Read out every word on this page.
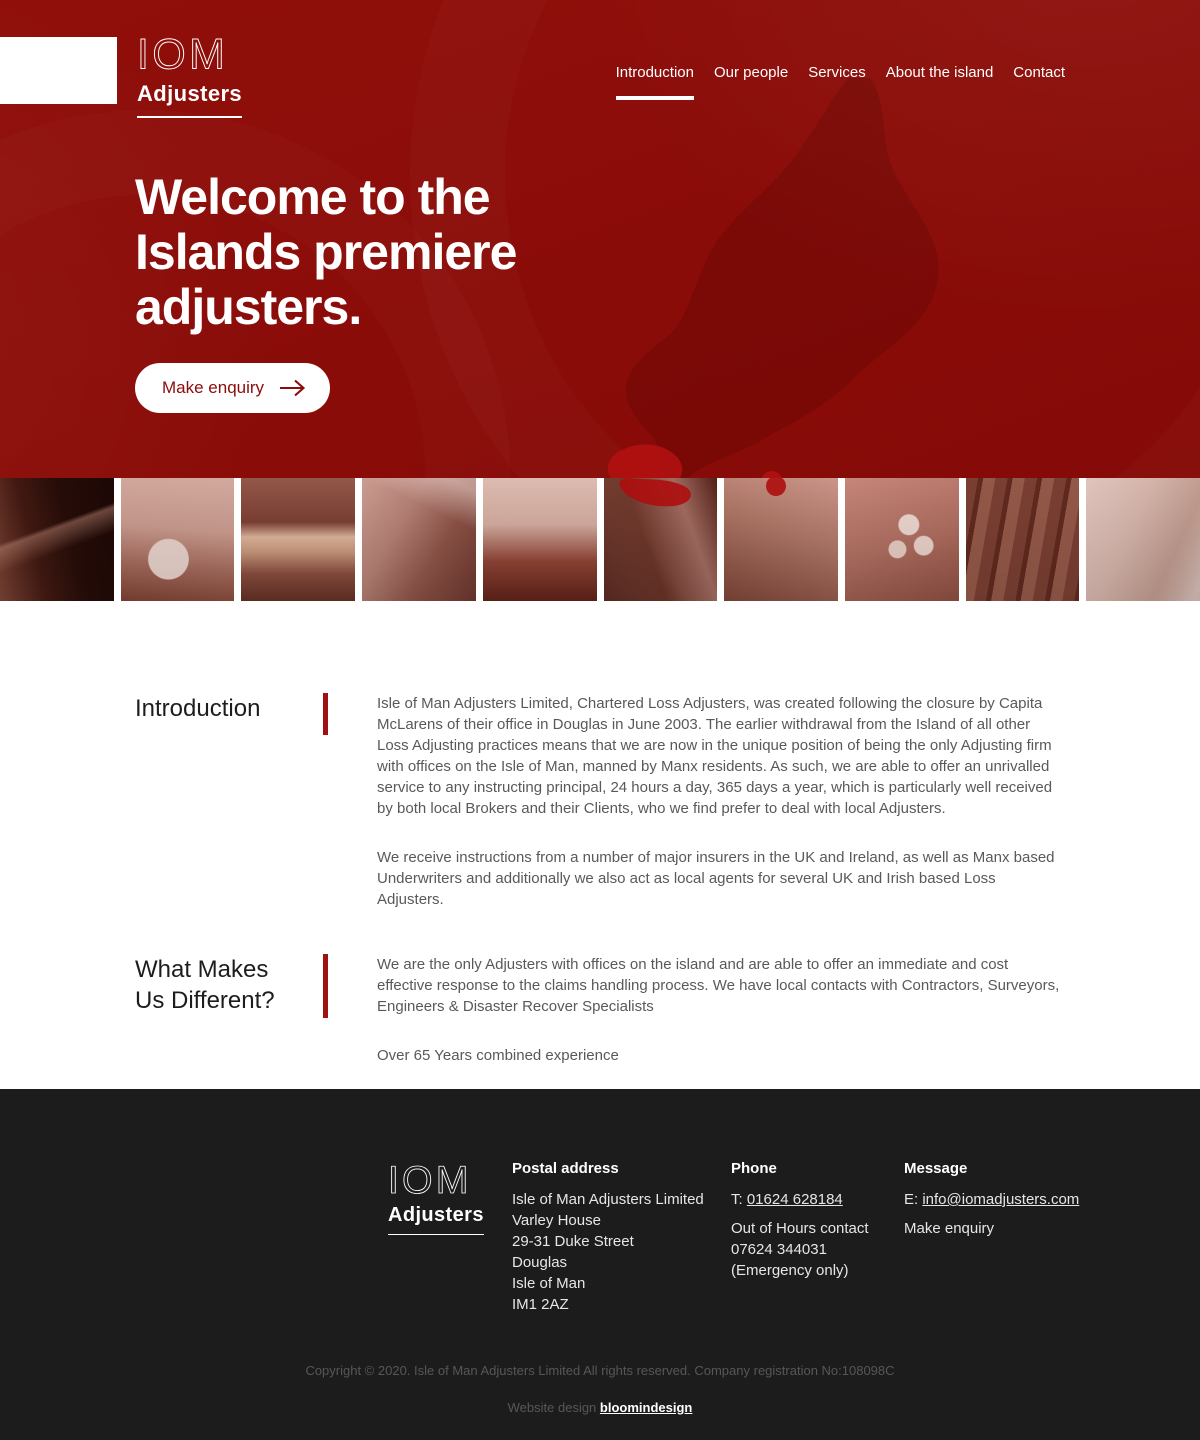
IOM
Adjusters
Introduction Our people Services About the island Contact
Welcome to the
Islands premiere
adjusters.
Make enquiry
Introduction	Isle of Man Adjusters Limited, Chartered Loss Adjusters, was created following the closure by Capita McLarens of their office in Douglas in June 2003. The earlier withdrawal from the Island of all other Loss Adjusting practices means that we are now in the unique position of being the only Adjusting firm with offices on the Isle of Man, manned by Manx residents. As such, we are able to offer an unrivalled service to any instructing principal, 24 hours a day, 365 days a year, which is particularly well received by both local Brokers and their Clients, who we find prefer to deal with local Adjusters.

We receive instructions from a number of major insurers in the UK and Ireland, as well as Manx based Underwriters and additionally we also act as local agents for several UK and Irish based Loss Adjusters.

What Makes Us Different?

We are the only Adjusters with offices on the island and are able to offer an immediate and cost effective response to the claims handling process. We have local contacts with Contractors, Surveyors, Engineers & Disaster Recover Specialists

Over 65 Years combined experience

IOM
Adjusters
Postal address
Isle of Man Adjusters Limited
Varley House
29-31 Duke Street
Douglas
Isle of Man
IM1 2AZ
Phone

T: 01624 628184

Out of Hours contact
07624 344031
(Emergency only)
Message

E: info@iomadjusters.com

Make enquiry

Copyright © 2020. Isle of Man Adjusters Limited All rights reserved. Company registration No:108098C

Website design bloomindesign
